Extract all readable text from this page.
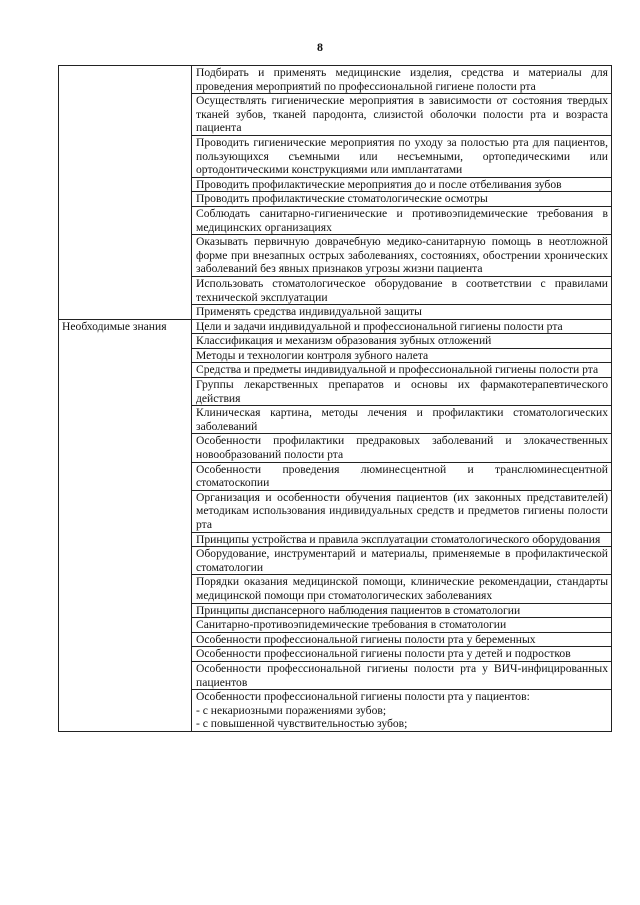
8

	Подбирать и применять медицинские изделия, средства и материалы для проведения мероприятий по профессиональной гигиене полости рта

	Осуществлять гигиенические мероприятия в зависимости от состояния твердых тканей зубов, тканей пародонта, слизистой оболочки полости рта и возраста пациента

	Проводить гигиенические мероприятия по уходу за полостью рта для пациентов, пользующихся съемными или несъемными, ортопедическими или ортодонтическими конструкциями или имплантатами

	Проводить профилактические мероприятия до и после отбеливания зубов

	Проводить профилактические стоматологические осмотры

	Соблюдать санитарно-гигиенические и противоэпидемические требования в медицинских организациях

	Оказывать первичную доврачебную медико-санитарную помощь в неотложной форме при внезапных острых заболеваниях, состояниях, обострении хронических заболеваний без явных признаков угрозы жизни пациента

	Использовать стоматологическое оборудование в соответствии с правилами технической эксплуатации

	Применять средства индивидуальной защиты

Необходимые знания	Цели и задачи индивидуальной и профессиональной гигиены полости рта

	Классификация и механизм образования зубных отложений

	Методы и технологии контроля зубного налета

	Средства и предметы индивидуальной и профессиональной гигиены полости рта

	Группы лекарственных препаратов и основы их фармакотерапевтического действия

	Клиническая картина, методы лечения и профилактики стоматологических заболеваний

	Особенности профилактики предраковых заболеваний и злокачественных новообразований полости рта

	Особенности проведения люминесцентной и транслюминесцентной стоматоскопии

	Организация и особенности обучения пациентов (их законных представителей) методикам использования индивидуальных средств и предметов гигиены полости рта

	Принципы устройства и правила эксплуатации стоматологического оборудования

	Оборудование, инструментарий и материалы, применяемые в профилактической стоматологии

	Порядки оказания медицинской помощи, клинические рекомендации, стандарты медицинской помощи при стоматологических заболеваниях

	Принципы диспансерного наблюдения пациентов в стоматологии

	Санитарно-противоэпидемические требования в стоматологии

	Особенности профессиональной гигиены полости рта у беременных

	Особенности профессиональной гигиены полости рта у детей и подростков

	Особенности профессиональной гигиены полости рта у ВИЧ-инфицированных пациентов

	Особенности профессиональной гигиены полости рта у пациентов:
- с некариозными поражениями зубов;
- с повышенной чувствительностью зубов;
